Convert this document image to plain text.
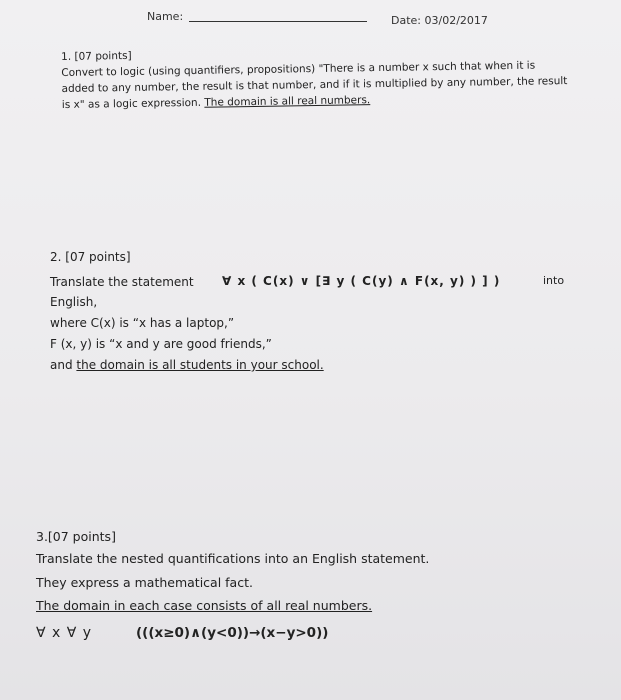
Name:	Date: 03/02/2017
1. [07 points]
Convert to logic (using quantifiers, propositions) "There is a number x such that when it is
added to any number, the result is that number, and if it is multiplied by any number, the result
is x" as a logic expression. The domain is all real numbers.
2. [07 points]
Translate the statement ∀ x ( C(x) ∨ [∃ y ( C(y) ∧ F(x, y) ) ] )	into
English,
where C(x) is “x has a laptop,”
F (x, y) is “x and y are good friends,”
and the domain is all students in your school.
3.[07 points]
Translate the nested quantifications into an English statement.
They express a mathematical fact.
The domain in each case consists of all real numbers.
∀ x ∀ y	(((x≥0)∧(y<0))→(x−y>0))
